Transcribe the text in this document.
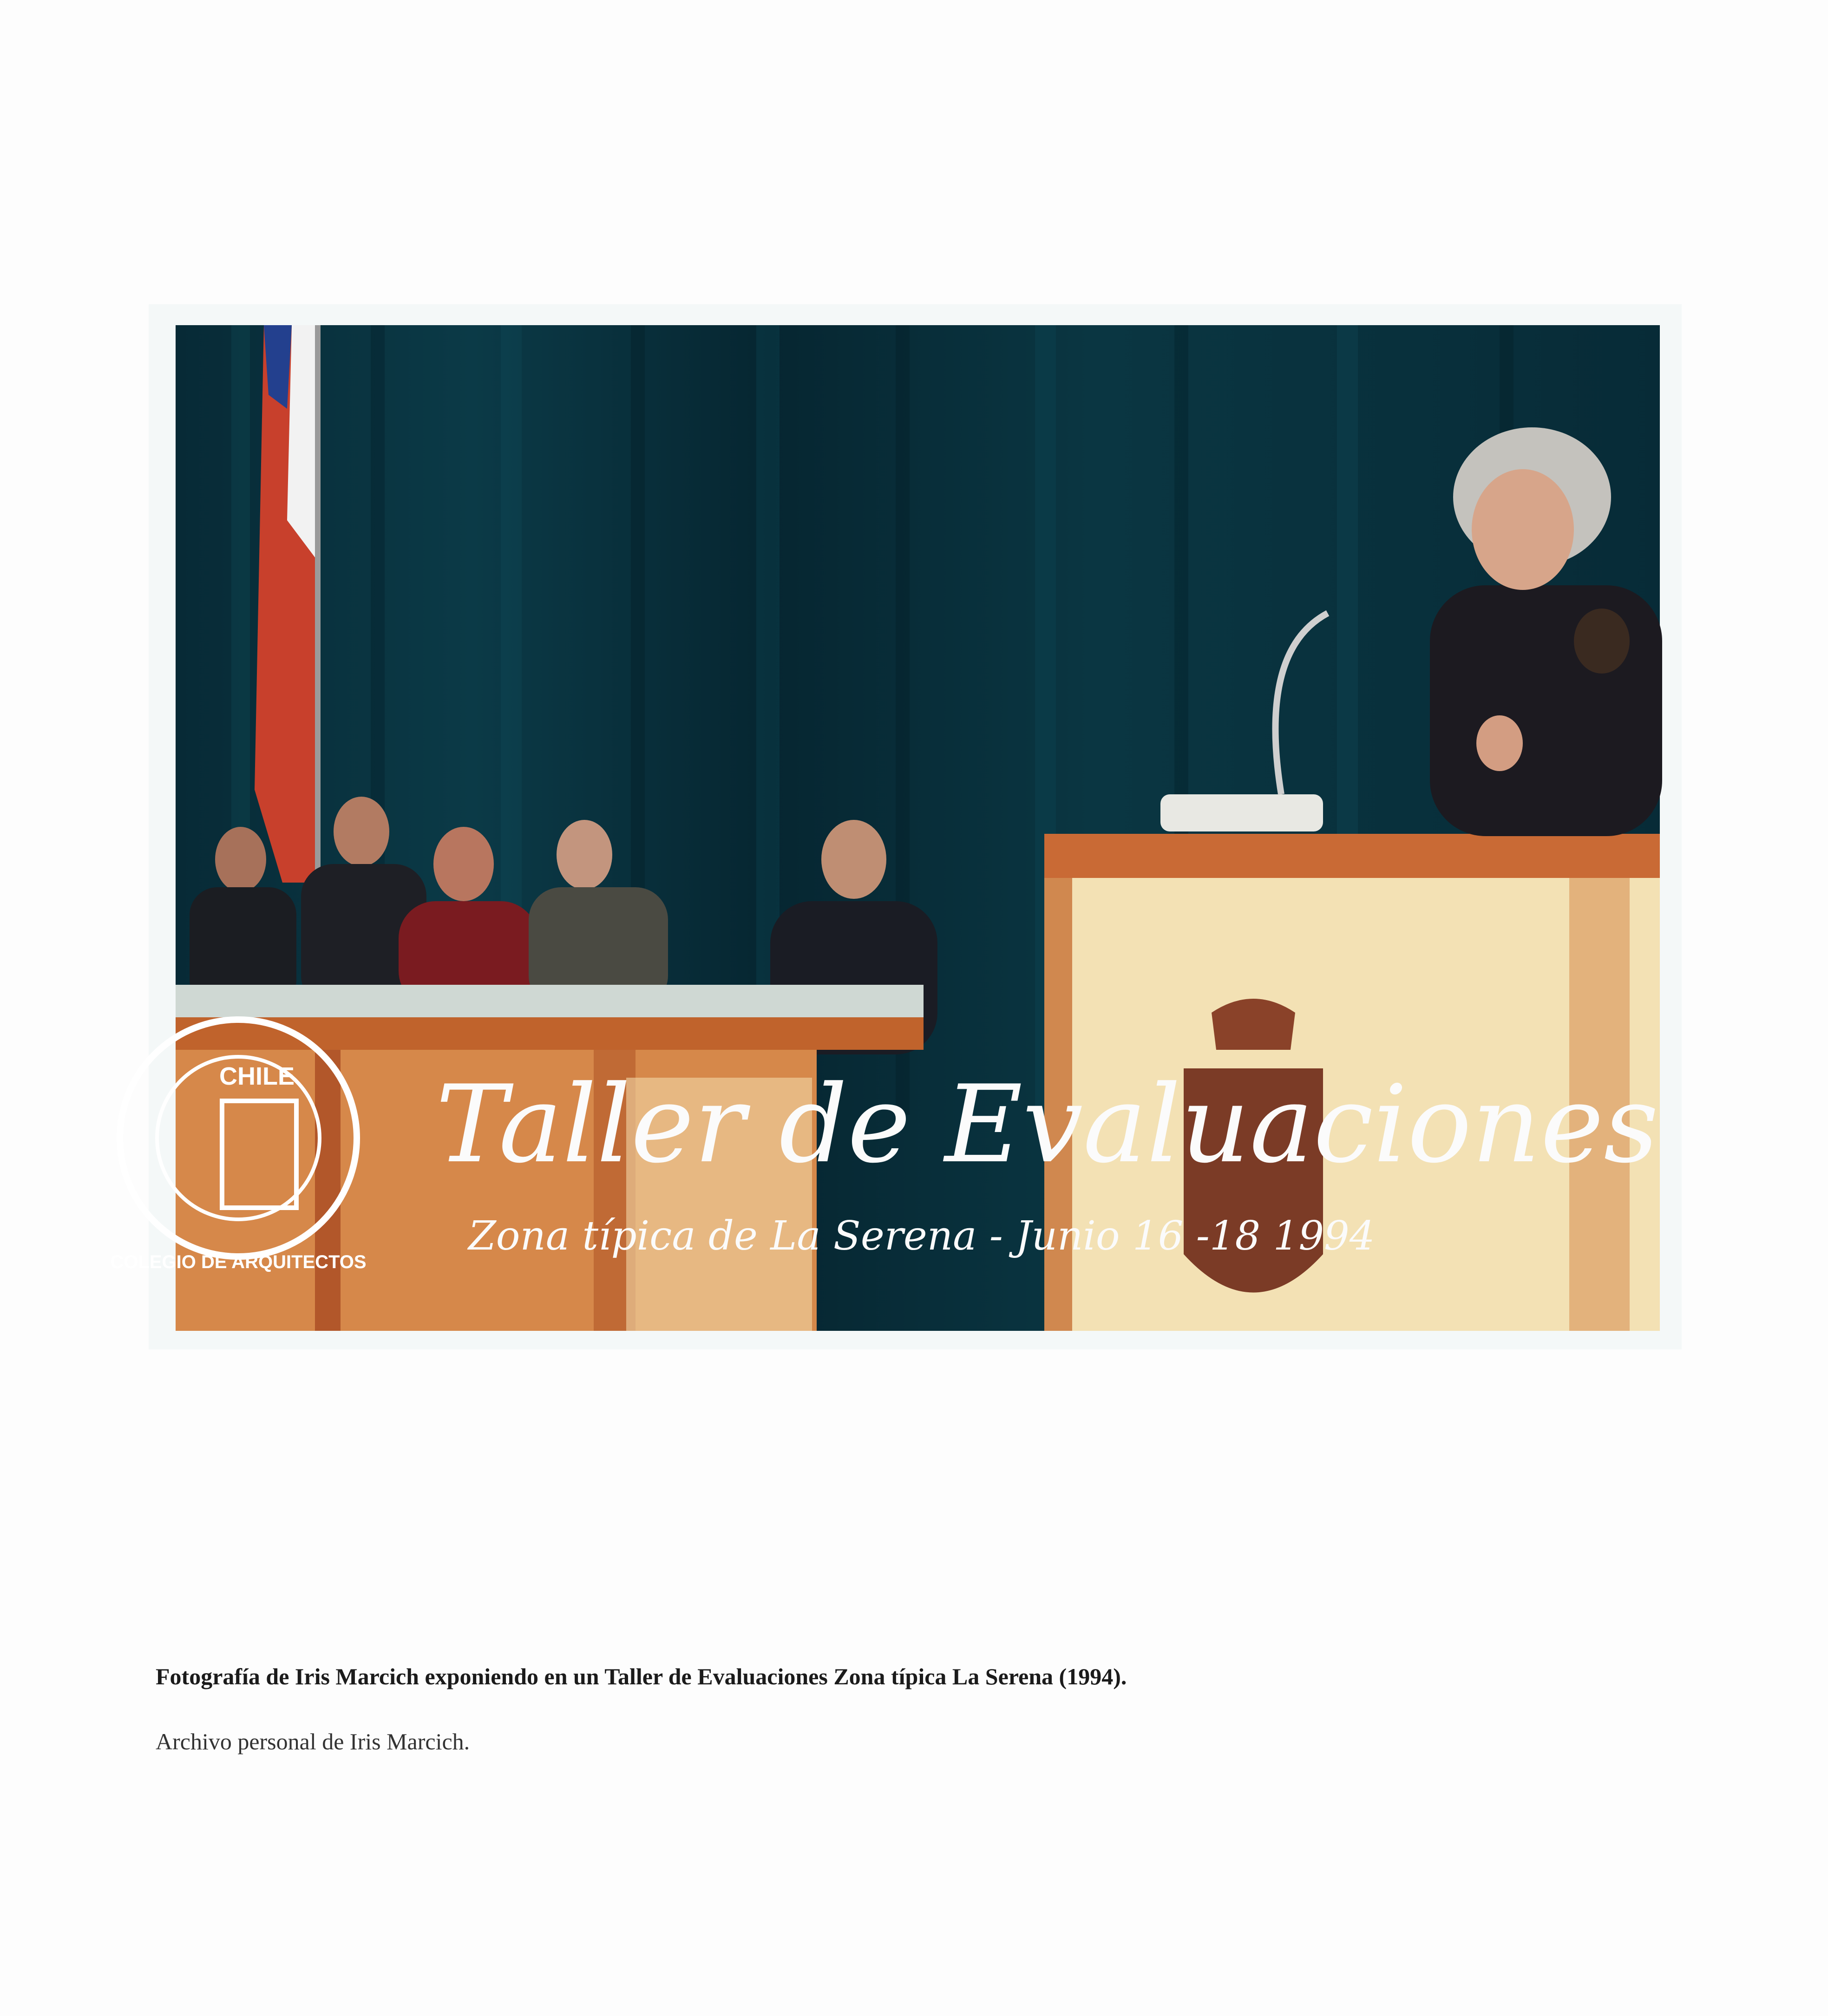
CHILE
COLEGIO DE ARQUITECTOS
Taller de Evaluaciones
Zona típica de La Serena - Junio 16 -18 1994
Fotografía de Iris Marcich exponiendo en un Taller de Evaluaciones Zona típica La Serena (1994).
Archivo personal de Iris Marcich.
